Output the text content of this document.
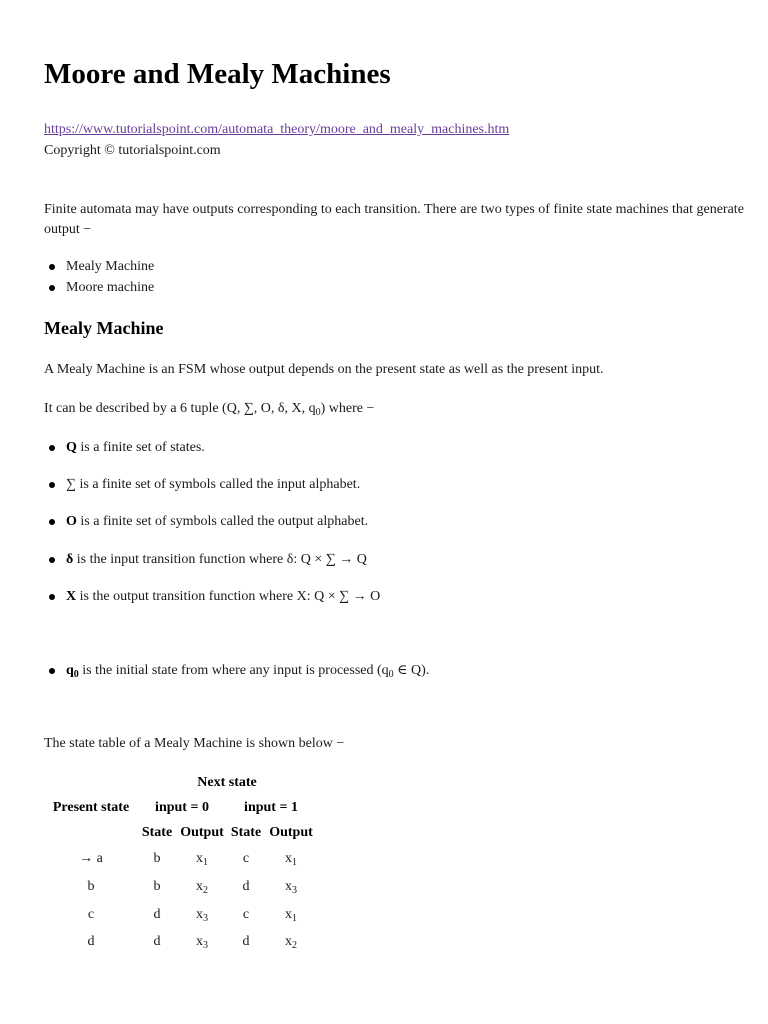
Moore and Mealy Machines
https://www.tutorialspoint.com/automata_theory/moore_and_mealy_machines.htm
Copyright © tutorialspoint.com

Finite automata may have outputs corresponding to each transition. There are two types of finite state machines that generate output −

Mealy Machine
Moore machine
Mealy Machine

A Mealy Machine is an FSM whose output depends on the present state as well as the present input.

It can be described by a 6 tuple (Q, ∑, O, δ, X, $q_0$) where −

Q is a finite set of states.
∑ is a finite set of symbols called the input alphabet.
O is a finite set of symbols called the output alphabet.
δ is the input transition function where δ: Q × ∑ → Q
X is the output transition function where X: Q × ∑ → O
$q_0$ is the initial state from where any input is processed ($q_0$ ∈ Q).

The state table of a Mealy Machine is shown below −

Next state
Present state input = 0	input = 1
State Output State Output
→ a	b	$x_1$ c	$x_1$
b	b	$x_2$ d	$x_3$
c	d	$x_3$ c	$x_1$
d	d	$x_3$ d	$x_2$
